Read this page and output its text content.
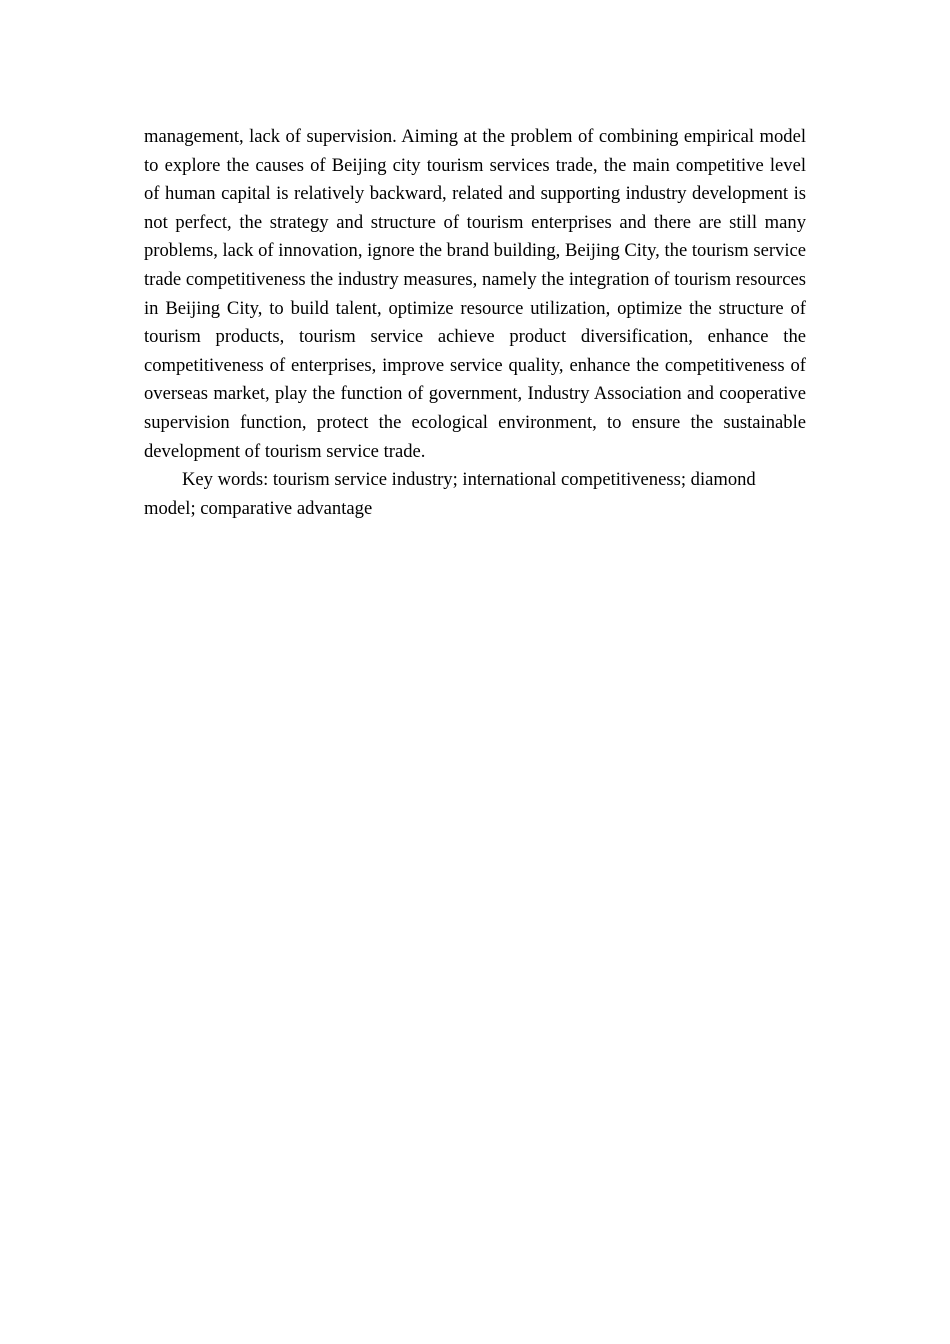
management, lack of supervision. Aiming at the problem of combining empirical model to explore the causes of Beijing city tourism services trade, the main competitive level of human capital is relatively backward, related and supporting industry development is not perfect, the strategy and structure of tourism enterprises and there are still many problems, lack of innovation, ignore the brand building, Beijing City, the tourism service trade competitiveness the industry measures, namely the integration of tourism resources in Beijing City, to build talent, optimize resource utilization, optimize the structure of tourism products, tourism service achieve product diversification, enhance the competitiveness of enterprises, improve service quality, enhance the competitiveness of overseas market, play the function of government, Industry Association and cooperative supervision function, protect the ecological environment, to ensure the sustainable development of tourism service trade.

Key words: tourism service industry; international competitiveness; diamond model; comparative advantage
